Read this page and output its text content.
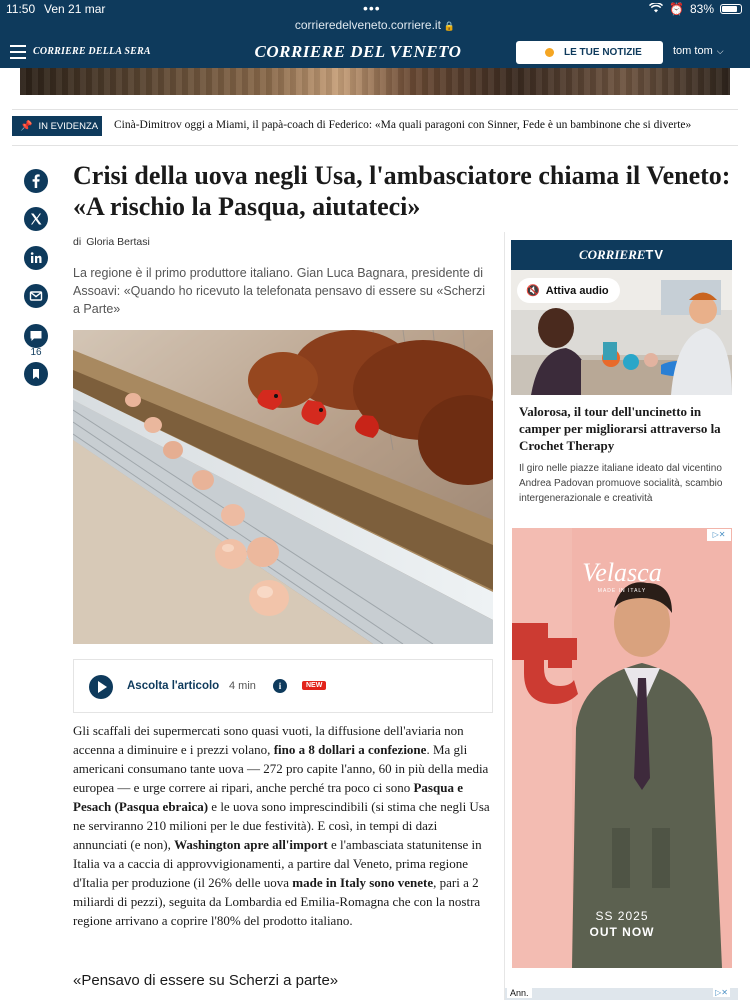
11:50 Ven 21 mar	•••
corrieredelveneto.corriere.it 🔒
⏰ 83%
CORRIERE DELLA SERA	CORRIERE DEL VENETO	LE TUE NOTIZIE	tom tom ⌵
📌 IN EVIDENZA Cinà-Dimitrov oggi a Miami, il papà-coach di Federico: «Ma quali paragoni con Sinner, Fede è un bambinone che si diverte»
16
Crisi della uova negli Usa, l'ambasciatore chiama il Veneto: «A rischio la Pasqua, aiutateci»
di Gloria Bertasi

La regione è il primo produttore italiano. Gian Luca Bagnara, presidente di Assoavi: «Quando ho ricevuto la telefonata pensavo di essere su «Scherzi a Parte»

Ascolta l'articolo 4 min	i	NEW
Gli scaffali dei supermercati sono quasi vuoti, la diffusione dell'aviaria non accenna a diminuire e i prezzi volano, fino a 8 dollari a confezione. Ma gli americani consumano tante uova — 272 pro capite l'anno, 60 in più della media europea — e urge correre ai ripari, anche perché tra poco ci sono Pasqua e Pesach (Pasqua ebraica) e le uova sono imprescindibili (si stima che negli Usa ne serviranno 210 milioni per le due festività). E così, in tempi di dazi annunciati (e non), Washington apre all'import e l'ambasciata statunitense in Italia va a caccia di approvvigionamenti, a partire dal Veneto, prima regione d'Italia per produzione (il 26% delle uova made in Italy sono venete, pari a 2 miliardi di pezzi), seguita da Lombardia ed Emilia-Romagna che con la nostra regione arrivano a coprire l'80% del prodotto italiano.
«Pensavo di essere su Scherzi a parte»
CORRIERETV
🔇 Attiva audio
Valorosa, il tour dell'uncinetto in camper per migliorarsi attraverso la Crochet Therapy
Il giro nelle piazze italiane ideato dal vicentino Andrea Padovan promuove socialità, scambio intergenerazionale e creatività
Velasca
MADE IN ITALY
SS 2025
OUT NOW
▷✕
Ann.	▷✕
